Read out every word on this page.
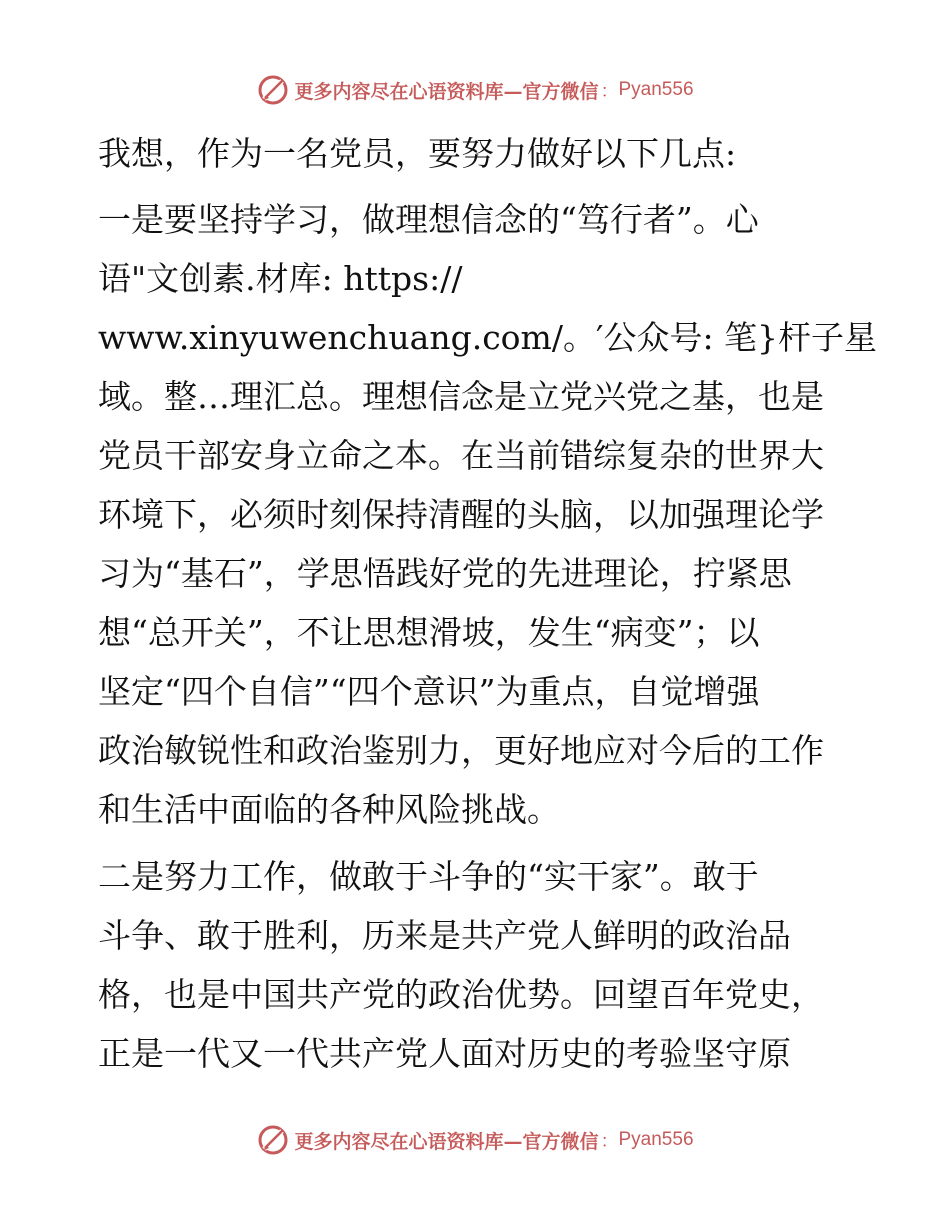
更多内容尽在心语资料库—官方微信 ： Pyan556
我想，作为一名党员，要努力做好以下几点:
一是要坚持学习，做理想信念的“笃行者”。心
语"文创素.材库: https://
www.xinyuwenchuang.com/。′公众号: 笔}杆子星
域。整…理汇总。理想信念是立党兴党之基，也是
党员干部安身立命之本。在当前错综复杂的世界大
环境下，必须时刻保持清醒的头脑，以加强理论学
习为“基石”，学思悟践好党的先进理论，拧紧思
想“总开关”，不让思想滑坡，发生“病变”；以
坚定“四个自信”“四个意识”为重点，自觉增强
政治敏锐性和政治鉴别力，更好地应对今后的工作
和生活中面临的各种风险挑战。
二是努力工作，做敢于斗争的“实干家”。敢于
斗争、敢于胜利，历来是共产党人鲜明的政治品
格，也是中国共产党的政治优势。回望百年党史，
正是一代又一代共产党人面对历史的考验坚守原
更多内容尽在心语资料库—官方微信 ： Pyan556
